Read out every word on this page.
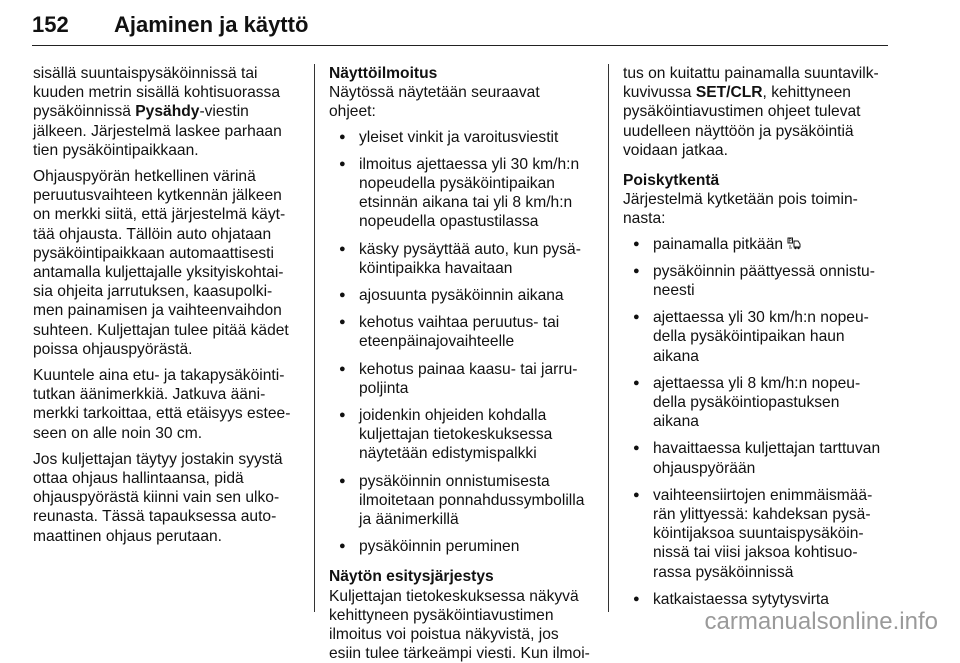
152	Ajaminen ja käyttö

sisällä suuntaispysäköinnissä tai
kuuden metrin sisällä kohtisuorassa
pysäköinnissä Pysähdy-viestin
jälkeen. Järjestelmä laskee parhaan
tien pysäköintipaikkaan.

Ohjauspyörän hetkellinen värinä
peruutusvaihteen kytkennän jälkeen
on merkki siitä, että järjestelmä käyt-
tää ohjausta. Tällöin auto ohjataan
pysäköintipaikkaan automaattisesti
antamalla kuljettajalle yksityiskohtai-
sia ohjeita jarrutuksen, kaasupolki-
men painamisen ja vaihteenvaihdon
suhteen. Kuljettajan tulee pitää kädet
poissa ohjauspyörästä.

Kuuntele aina etu- ja takapysäköinti-
tutkan äänimerkkiä. Jatkuva ääni-
merkki tarkoittaa, että etäisyys estee-
seen on alle noin 30 cm.

Jos kuljettajan täytyy jostakin syystä
ottaa ohjaus hallintaansa, pidä
ohjauspyörästä kiinni vain sen ulko-
reunasta. Tässä tapauksessa auto-
maattinen ohjaus perutaan.

Näyttöilmoitus

Näytössä näytetään seuraavat
ohjeet:

● yleiset vinkit ja varoitusviestit
● ilmoitus ajettaessa yli 30 km/h:n
nopeudella pysäköintipaikan
etsinnän aikana tai yli 8 km/h:n
nopeudella opastustilassa
● käsky pysäyttää auto, kun pysä-
köintipaikka havaitaan
● ajosuunta pysäköinnin aikana
● kehotus vaihtaa peruutus- tai
eteenpäinajovaihteelle
● kehotus painaa kaasu- tai jarru-
poljinta
● joidenkin ohjeiden kohdalla
kuljettajan tietokeskuksessa
näytetään edistymispalkki
● pysäköinnin onnistumisesta
ilmoitetaan ponnahdussymbolilla
ja äänimerkillä
● pysäköinnin peruminen
Näytön esitysjärjestys

Kuljettajan tietokeskuksessa näkyvä
kehittyneen pysäköintiavustimen
ilmoitus voi poistua näkyvistä, jos
esiin tulee tärkeämpi viesti. Kun ilmoi-

tus on kuitattu painamalla suuntavilk-
kuvivussa SET/CLR, kehittyneen
pysäköintiavustimen ohjeet tulevat
uudelleen näyttöön ja pysäköintiä
voidaan jatkaa.

Poiskytkentä

Järjestelmä kytketään pois toimin-
nasta:

● painamalla pitkään P
● pysäköinnin päättyessä onnistu-
neesti
● ajettaessa yli 30 km/h:n nopeu-
della pysäköintipaikan haun
aikana
● ajettaessa yli 8 km/h:n nopeu-
della pysäköintiopastuksen
aikana
● havaittaessa kuljettajan tarttuvan
ohjauspyörään
● vaihteensiirtojen enimmäismää-
rän ylittyessä: kahdeksan pysä-
köintijaksoa suuntaispysäköin-
nissä tai viisi jaksoa kohtisuo-
rassa pysäköinnissä
● katkaistaessa sytytysvirta
carmanualsonline.info
